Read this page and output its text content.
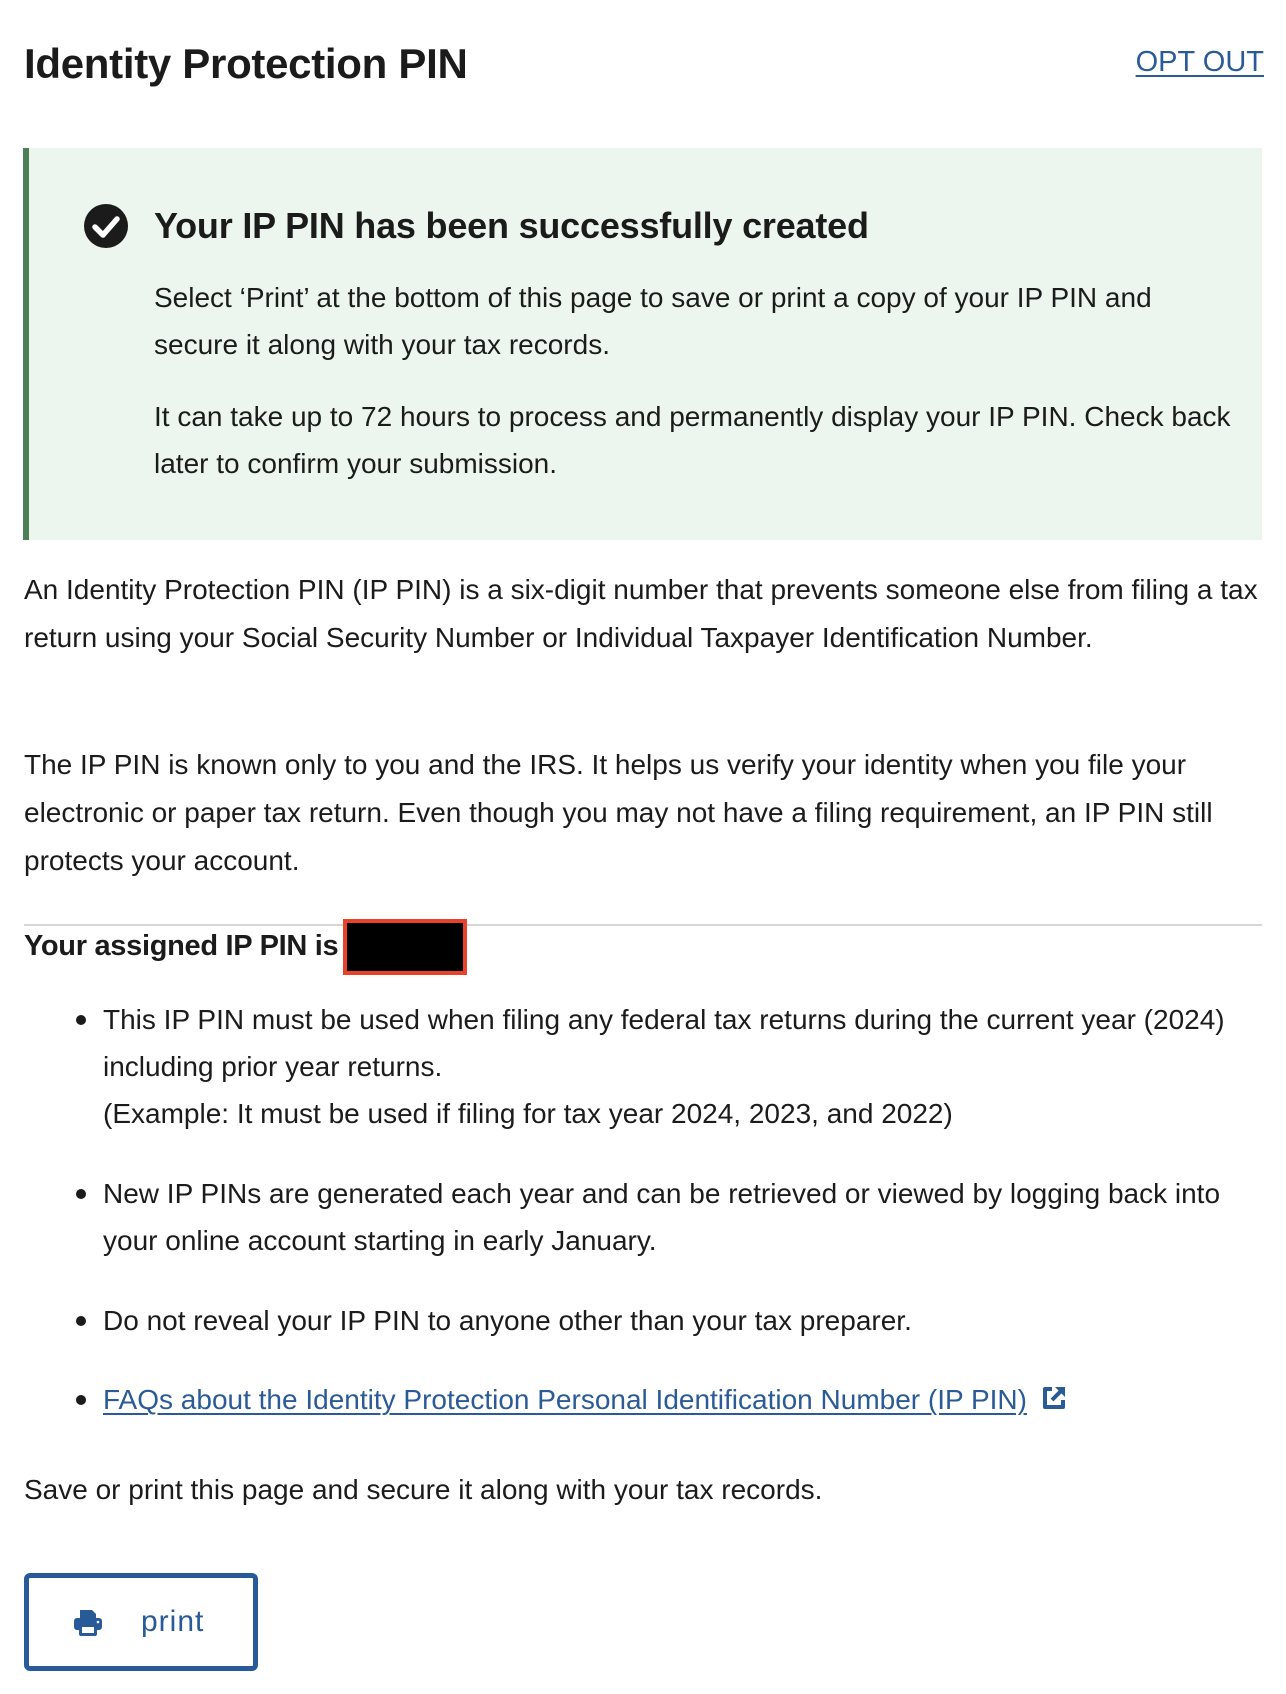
Identity Protection PIN	OPT OUT
Your IP PIN has been successfully created

Select ‘Print’ at the bottom of this page to save or print a copy of your IP PIN and secure it along with your tax records.

It can take up to 72 hours to process and permanently display your IP PIN. Check back later to confirm your submission.

An Identity Protection PIN (IP PIN) is a six-digit number that prevents someone else from filing a tax return using your Social Security Number or Individual Taxpayer Identification Number.

The IP PIN is known only to you and the IRS. It helps us verify your identity when you file your electronic or paper tax return. Even though you may not have a filing requirement, an IP PIN still protects your account.

Your assigned IP PIN is
This IP PIN must be used when filing any federal tax returns during the current year (2024) including prior year returns.
(Example: It must be used if filing for tax year 2024, 2023, and 2022)
New IP PINs are generated each year and can be retrieved or viewed by logging back into your online account starting in early January.
Do not reveal your IP PIN to anyone other than your tax preparer.
FAQs about the Identity Protection Personal Identification Number (IP PIN)

Save or print this page and secure it along with your tax records.

print
